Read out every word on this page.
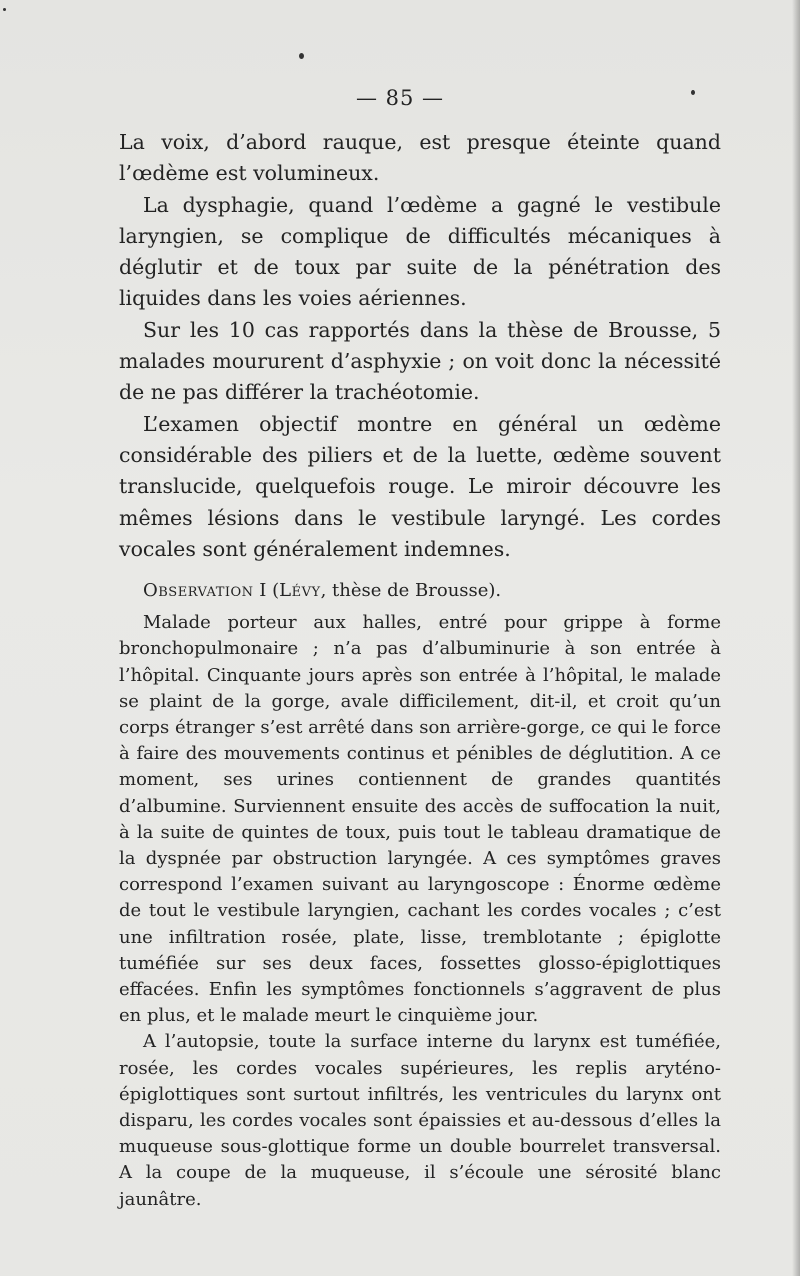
— 85 —

La voix, d’abord rauque, est presque éteinte quand l’œdème est volumineux.

La dysphagie, quand l’œdème a gagné le vestibule laryngien, se complique de difficultés mécaniques à déglutir et de toux par suite de la pénétration des liquides dans les voies aériennes.

Sur les 10 cas rapportés dans la thèse de Brousse, 5 malades moururent d’asphyxie ; on voit donc la nécessité de ne pas différer la trachéotomie.

L’examen objectif montre en général un œdème considérable des piliers et de la luette, œdème souvent translucide, quelquefois rouge. Le miroir découvre les mêmes lésions dans le vestibule laryngé. Les cordes vocales sont généralement indemnes.

Observation I (Lévy, thèse de Brousse).

Malade porteur aux halles, entré pour grippe à forme bronchopulmonaire ; n’a pas d’albuminurie à son entrée à l’hôpital. Cinquante jours après son entrée à l’hôpital, le malade se plaint de la gorge, avale difficilement, dit-il, et croit qu’un corps étranger s’est arrêté dans son arrière-gorge, ce qui le force à faire des mouvements continus et pénibles de déglutition. A ce moment, ses urines contiennent de grandes quantités d’albumine. Surviennent ensuite des accès de suffocation la nuit, à la suite de quintes de toux, puis tout le tableau dramatique de la dyspnée par obstruction laryngée. A ces symptômes graves correspond l’examen suivant au laryngoscope : Énorme œdème de tout le vestibule laryngien, cachant les cordes vocales ; c’est une infiltration rosée, plate, lisse, tremblotante ; épiglotte tuméfiée sur ses deux faces, fossettes glosso-épiglottiques effacées. Enfin les symptômes fonctionnels s’aggravent de plus en plus, et le malade meurt le cinquième jour.

A l’autopsie, toute la surface interne du larynx est tuméfiée, rosée, les cordes vocales supérieures, les replis aryténo-épiglottiques sont surtout infiltrés, les ventricules du larynx ont disparu, les cordes vocales sont épaissies et au-dessous d’elles la muqueuse sous-glottique forme un double bourrelet transversal. A la coupe de la muqueuse, il s’écoule une sérosité blanc jaunâtre.
